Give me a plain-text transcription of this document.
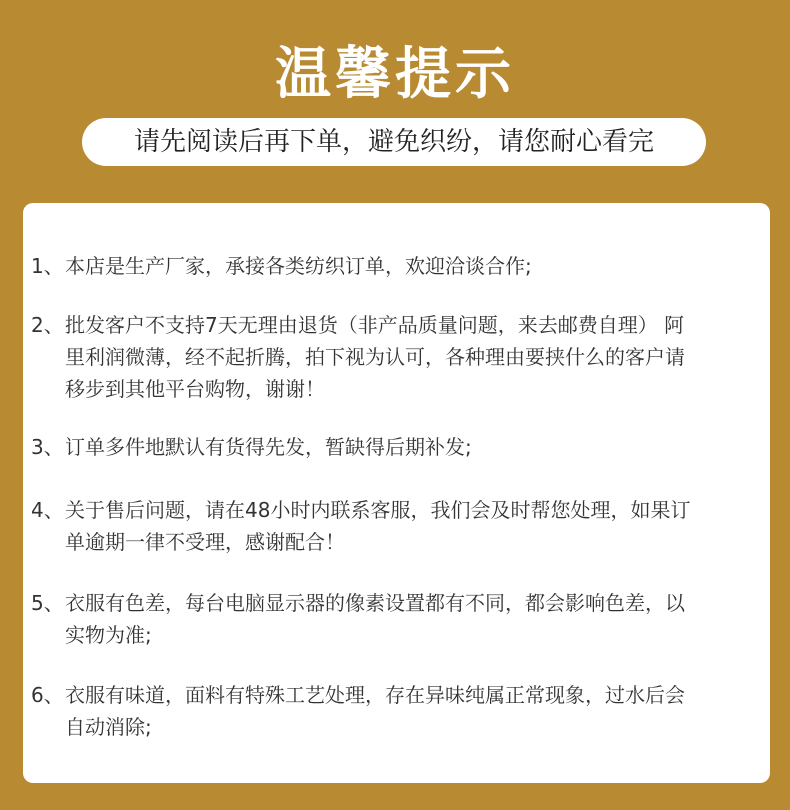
温馨提示
请先阅读后再下单，避免织纷，请您耐心看完
1、 本店是生产厂家，承接各类纺织订单，欢迎洽谈合作;
2、 批发客户不支持7天无理由退货（非产品质量问题，来去邮费自理） 阿
里利润微薄，经不起折腾，拍下视为认可，各种理由要挟什么的客户请
移步到其他平台购物，谢谢！
3、 订单多件地默认有货得先发，暂缺得后期补发;
4、 关于售后问题，请在48小时内联系客服，我们会及时帮您处理，如果订
单逾期一律不受理，感谢配合！
5、 衣服有色差，每台电脑显示器的像素设置都有不同，都会影响色差，以
实物为准;
6、 衣服有味道，面料有特殊工艺处理，存在异味纯属正常现象，过水后会
自动消除;
